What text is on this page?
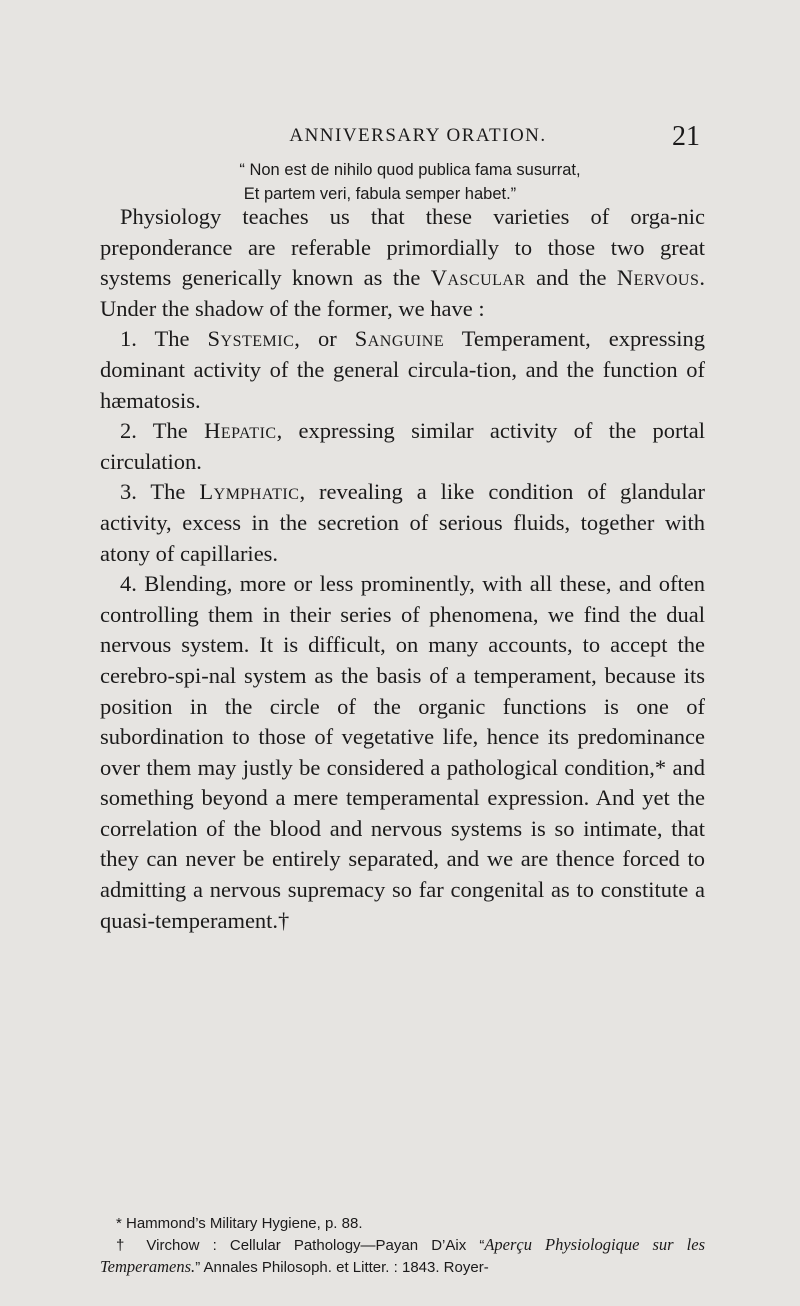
ANNIVERSARY ORATION.	21
“ Non est de nihilo quod publica fama susurrat,
Et partem veri, fabula semper habet.”

Physiology teaches us that these varieties of orga-nic preponderance are referable primordially to those two great systems generically known as the Vascular and the Nervous. Under the shadow of the former, we have :

1. The Systemic, or Sanguine Temperament, expressing dominant activity of the general circula-tion, and the function of hæmatosis.

2. The Hepatic, expressing similar activity of the portal circulation.

3. The Lymphatic, revealing a like condition of glandular activity, excess in the secretion of serious fluids, together with atony of capillaries.

4. Blending, more or less prominently, with all these, and often controlling them in their series of phenomena, we find the dual nervous system. It is difficult, on many accounts, to accept the cerebro-spi-nal system as the basis of a temperament, because its position in the circle of the organic functions is one of subordination to those of vegetative life, hence its predominance over them may justly be considered a pathological condition,* and something beyond a mere temperamental expression. And yet the correlation of the blood and nervous systems is so intimate, that they can never be entirely separated, and we are thence forced to admitting a nervous supremacy so far congenital as to constitute a quasi-temperament.†

* Hammond’s Military Hygiene, p. 88.

† Virchow : Cellular Pathology—Payan D’Aix “Aperçu Physiologique sur les Temperamens.” Annales Philosoph. et Litter. : 1843. Royer-
